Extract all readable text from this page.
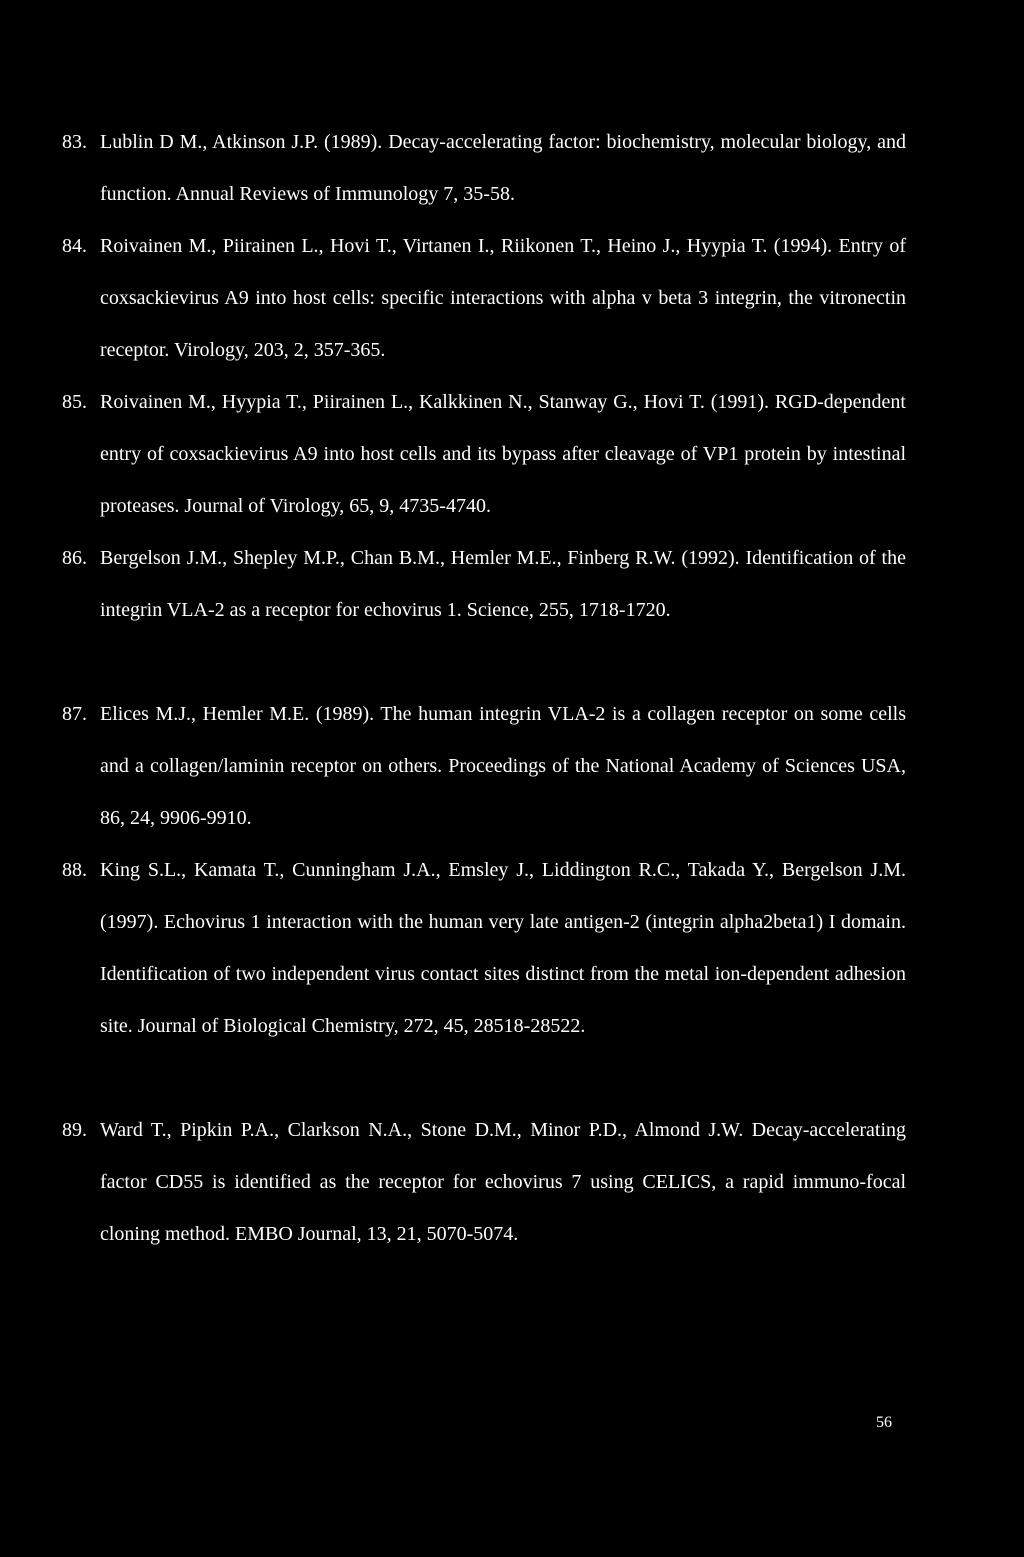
83. Lublin D M., Atkinson J.P. (1989). Decay-accelerating factor: biochemistry, molecular biology, and function. Annual Reviews of Immunology 7, 35-58.
84. Roivainen M., Piirainen L., Hovi T., Virtanen I., Riikonen T., Heino J., Hyypia T. (1994). Entry of coxsackievirus A9 into host cells: specific interactions with alpha v beta 3 integrin, the vitronectin receptor. Virology, 203, 2, 357-365.
85. Roivainen M., Hyypia T., Piirainen L., Kalkkinen N., Stanway G., Hovi T. (1991). RGD-dependent entry of coxsackievirus A9 into host cells and its bypass after cleavage of VP1 protein by intestinal proteases. Journal of Virology, 65, 9, 4735-4740.
86. Bergelson J.M., Shepley M.P., Chan B.M., Hemler M.E., Finberg R.W. (1992). Identification of the integrin VLA-2 as a receptor for echovirus 1. Science, 255, 1718-1720.
87. Elices M.J., Hemler M.E. (1989). The human integrin VLA-2 is a collagen receptor on some cells and a collagen/laminin receptor on others. Proceedings of the National Academy of Sciences USA, 86, 24, 9906-9910.
88. King S.L., Kamata T., Cunningham J.A., Emsley J., Liddington R.C., Takada Y., Bergelson J.M. (1997). Echovirus 1 interaction with the human very late antigen-2 (integrin alpha2beta1) I domain. Identification of two independent virus contact sites distinct from the metal ion-dependent adhesion site. Journal of Biological Chemistry, 272, 45, 28518-28522.
89. Ward T., Pipkin P.A., Clarkson N.A., Stone D.M., Minor P.D., Almond J.W. Decay-accelerating factor CD55 is identified as the receptor for echovirus 7 using CELICS, a rapid immuno-focal cloning method. EMBO Journal, 13, 21, 5070-5074.
56
